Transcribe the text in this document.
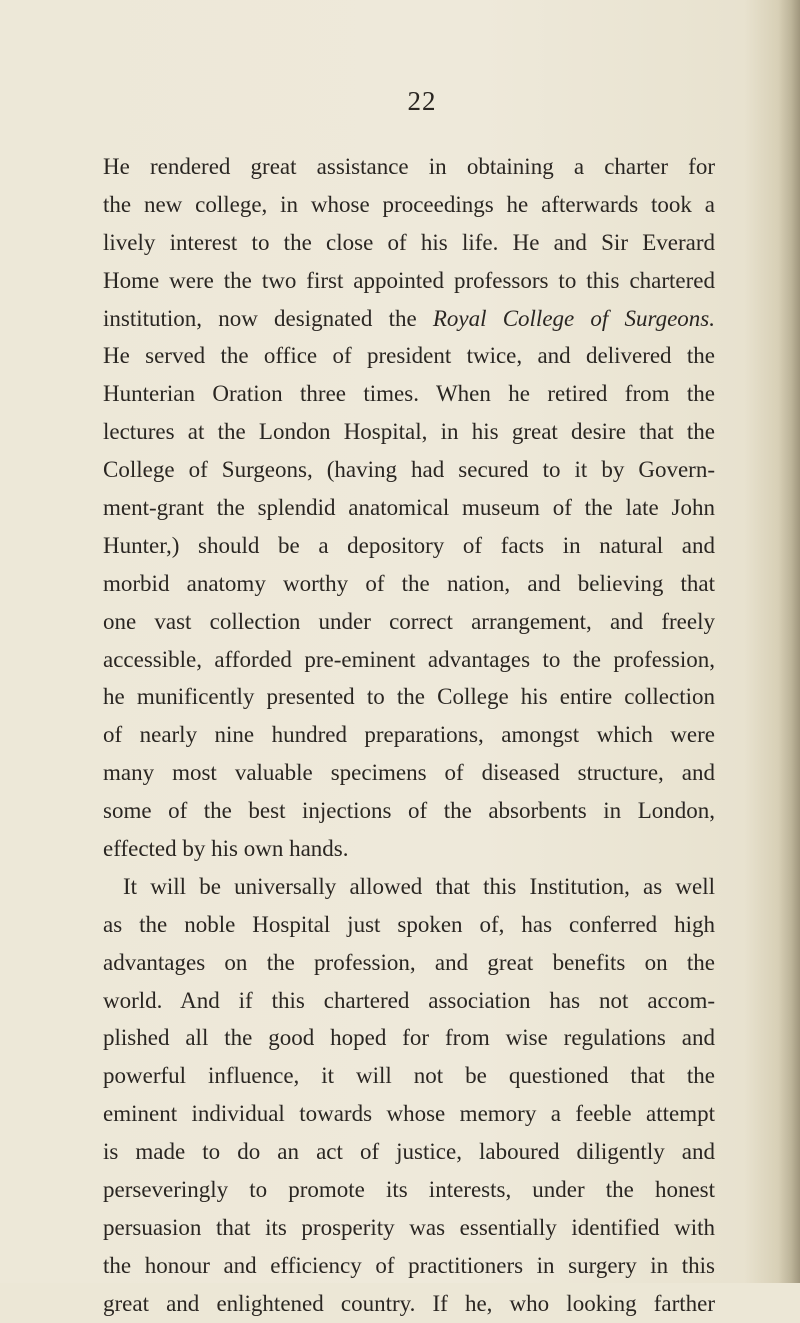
22
He rendered great assistance in obtaining a charter for
the new college, in whose proceedings he afterwards took a
lively interest to the close of his life. He and Sir Everard
Home were the two first appointed professors to this chartered
institution, now designated the Royal College of Surgeons.
He served the office of president twice, and delivered the
Hunterian Oration three times. When he retired from the
lectures at the London Hospital, in his great desire that the
College of Surgeons, (having had secured to it by Govern-
ment-grant the splendid anatomical museum of the late John
Hunter,) should be a depository of facts in natural and
morbid anatomy worthy of the nation, and believing that
one vast collection under correct arrangement, and freely
accessible, afforded pre-eminent advantages to the profession,
he munificently presented to the College his entire collection
of nearly nine hundred preparations, amongst which were
many most valuable specimens of diseased structure, and
some of the best injections of the absorbents in London,
effected by his own hands.
It will be universally allowed that this Institution, as well
as the noble Hospital just spoken of, has conferred high
advantages on the profession, and great benefits on the
world. And if this chartered association has not accom-
plished all the good hoped for from wise regulations and
powerful influence, it will not be questioned that the
eminent individual towards whose memory a feeble attempt
is made to do an act of justice, laboured diligently and
perseveringly to promote its interests, under the honest
persuasion that its prosperity was essentially identified with
the honour and efficiency of practitioners in surgery in this
great and enlightened country. If he, who looking farther
